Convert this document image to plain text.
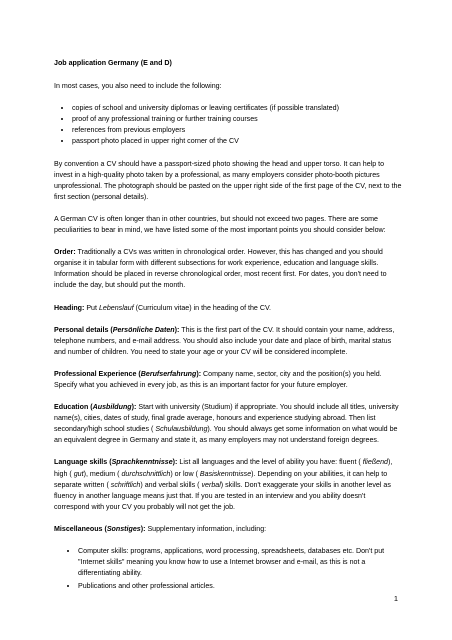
Job application Germany (E and D)

In most cases, you also need to include the following:

• copies of school and university diplomas or leaving certificates (if possible translated)
• proof of any professional training or further training courses
• references from previous employers
• passport photo placed in upper right corner of the CV

By convention a CV should have a passport-sized photo showing the head and upper torso. It can help to invest in a high-quality photo taken by a professional, as many employers consider photo-booth pictures unprofessional. The photograph should be pasted on the upper right side of the first page of the CV, next to the first section (personal details).

A German CV is often longer than in other countries, but should not exceed two pages. There are some peculiarities to bear in mind, we have listed some of the most important points you should consider below:

Order: Traditionally a CVs was written in chronological order. However, this has changed and you should organise it in tabular form with different subsections for work experience, education and language skills. Information should be placed in reverse chronological order, most recent first. For dates, you don't need to include the day, but should put the month.

Heading: Put Lebenslauf (Curriculum vitae) in the heading of the CV.

Personal details (Persönliche Daten): This is the first part of the CV. It should contain your name, address, telephone numbers, and e-mail address. You should also include your date and place of birth, marital status and number of children. You need to state your age or your CV will be considered incomplete.

Professional Experience (Berufserfahrung): Company name, sector, city and the position(s) you held. Specify what you achieved in every job, as this is an important factor for your future employer.

Education (Ausbildung): Start with university (Studium) if appropriate. You should include all titles, university name(s), cities, dates of study, final grade average, honours and experience studying abroad. Then list secondary/high school studies ( Schulausbildung). You should always get some information on what would be an equivalent degree in Germany and state it, as many employers may not understand foreign degrees.

Language skills (Sprachkenntnisse): List all languages and the level of ability you have: fluent ( fließend), high ( gut), medium ( durchschnittlich) or low ( Basiskenntnisse). Depending on your abilities, it can help to separate written ( schriftlich) and verbal skills ( verbal) skills. Don't exaggerate your skills in another level as fluency in another language means just that. If you are tested in an interview and you ability doesn't correspond with your CV you probably will not get the job.

Miscellaneous (Sonstiges): Supplementary information, including:

• Computer skills: programs, applications, word processing, spreadsheets, databases etc. Don't put "Internet skills" meaning you know how to use a Internet browser and e-mail, as this is not a differentiating ability.
• Publications and other professional articles.
1
